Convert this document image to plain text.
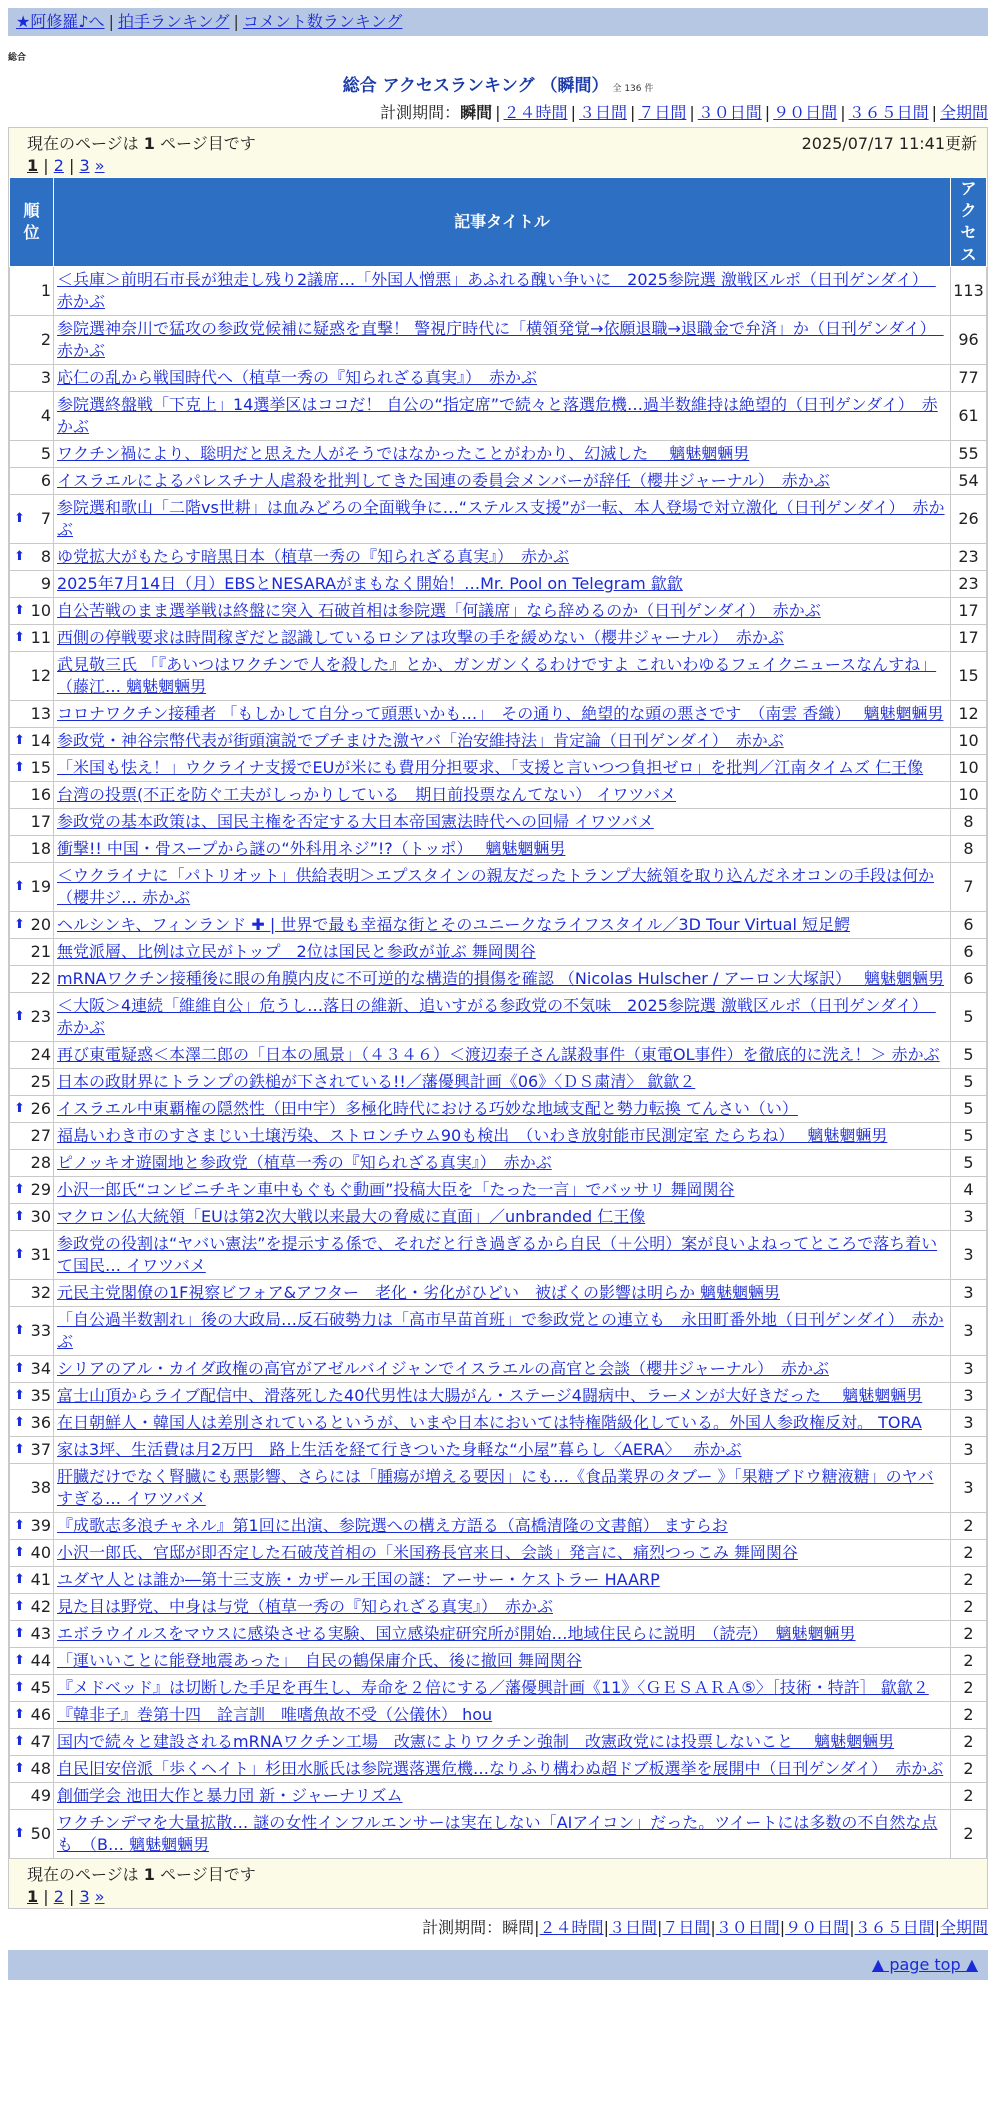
★阿修羅♪へ | 拍手ランキング | コメント数ランキング
総合
総合 アクセスランキング （瞬間） 全 136 件
計測期間：瞬間 | ２４時間 | ３日間 | ７日間 | ３０日間 | ９０日間 | ３６５日間 | 全期間
現在のページは 1 ページ目です	2025/07/17 11:41更新
1 | 2 | 3 »
順位	記事タイトル	アクセス
1	＜兵庫＞前明石市長が独走し残り2議席…「外国人憎悪」あふれる醜い争いに　2025参院選 激戦区ルポ（日刊ゲンダイ）　赤かぶ	113
2	参院選神奈川で猛攻の参政党候補に疑惑を直撃！ 警視庁時代に「横領発覚→依願退職→退職金で弁済」か（日刊ゲンダイ）　赤かぶ	96
3	応仁の乱から戦国時代へ（植草一秀の『知られざる真実』）　赤かぶ	77
4	参院選終盤戦「下克上」14選挙区はココだ！ 自公の“指定席”で続々と落選危機…過半数維持は絶望的（日刊ゲンダイ）　赤かぶ	61
5	ワクチン禍により、聡明だと思えた人がそうではなかったことがわかり、幻滅した　 魑魅魍魎男	55
6	イスラエルによるパレスチナ人虐殺を批判してきた国連の委員会メンバーが辞任（櫻井ジャーナル）　赤かぶ	54

⬆ 7	参院選和歌山「二階vs世耕」は血みどろの全面戦争に…“ステルス支援”が一転、本人登場で対立激化（日刊ゲンダイ）　赤かぶ	26

⬆ 8	ゆ党拡大がもたらす暗黒日本（植草一秀の『知られざる真実』）　赤かぶ	23
9	2025年7月14日（月）EBSとNESARAがまもなく開始！…Mr. Pool on Telegram 歙歙	23

⬆ 10	自公苦戦のまま選挙戦は終盤に突入 石破首相は参院選「何議席」なら辞めるのか（日刊ゲンダイ）　赤かぶ	17

⬆ 11	西側の停戦要求は時間稼ぎだと認識しているロシアは攻撃の手を緩めない（櫻井ジャーナル）　赤かぶ	17
12	武見敬三氏 「『あいつはワクチンで人を殺した』とか、ガンガンくるわけですよ これいわゆるフェイクニュースなんすね」 （藤江… 魑魅魍魎男	15
13	コロナワクチン接種者 「もしかして自分って頭悪いかも…」　その通り、絶望的な頭の悪さです　（南雲 香織）　 魑魅魍魎男	12

⬆ 14	参政党・神谷宗幣代表が街頭演説でブチまけた激ヤバ「治安維持法」肯定論（日刊ゲンダイ）　赤かぶ	10

⬆ 15	「米国も怯え！」ウクライナ支援でEUが米にも費用分担要求、「支援と言いつつ負担ゼロ」を批判／江南タイムズ 仁王像	10
16	台湾の投票(不正を防ぐ工夫がしっかりしている　期日前投票なんてない） イワツバメ	10
17	参政党の基本政策は、国民主権を否定する大日本帝国憲法時代への回帰 イワツバメ	8
18	衝撃!! 中国・骨スープから謎の“外科用ネジ”!?（トッポ）　 魑魅魍魎男	8

⬆ 19	＜ウクライナに「パトリオット」供給表明＞エプスタインの親友だったトランプ大統領を取り込んだネオコンの手段は何か（櫻井ジ… 赤かぶ	7

⬆ 20	ヘルシンキ、フィンランド ✚ | 世界で最も幸福な街とそのユニークなライフスタイル／3D Tour Virtual 短足鰐	6
21	無党派層、比例は立民がトップ　2位は国民と参政が並ぶ 舞岡関谷	6
22	mRNAワクチン接種後に眼の角膜内皮に不可逆的な構造的損傷を確認 （Nicolas Hulscher / アーロン大塚訳）　 魑魅魍魎男	6

⬆ 23	＜大阪＞4連続「維維自公」危うし…落日の維新、追いすがる参政党の不気味　2025参院選 激戦区ルポ（日刊ゲンダイ）　赤かぶ	5
24	再び東電疑惑＜本澤二郎の「日本の風景」（４３４６）＜渡辺泰子さん謀殺事件（東電OL事件）を徹底的に洗え！＞ 赤かぶ	5
25	日本の政財界にトランプの鉄槌が下されている!!／藩優興計画《06》〈ＤＳ粛清〉 歙歙２	5

⬆ 26	イスラエル中東覇権の隠然性（田中宇）多極化時代における巧妙な地域支配と勢力転換 てんさい（い）	5
27	福島いわき市のすさまじい土壌汚染、ストロンチウム90も検出　（いわき放射能市民測定室 たらちね）　 魑魅魍魎男	5
28	ピノッキオ遊園地と参政党（植草一秀の『知られざる真実』）　赤かぶ	5

⬆ 29	小沢一郎氏“コンビニチキン車中もぐもぐ動画”投稿大臣を「たった一言」でバッサリ 舞岡関谷	4

⬆ 30	マクロン仏大統領「EUは第2次大戦以来最大の脅威に直面」／unbranded 仁王像	3

⬆ 31	参政党の役割は“ヤバい憲法”を提示する係で、それだと行き過ぎるから自民（＋公明）案が良いよねってところで落ち着いて国民… イワツバメ	3
32	元民主党閣僚の1F視察ビフォア&アフター　老化・劣化がひどい　被ばくの影響は明らか 魑魅魍魎男	3

⬆ 33	「自公過半数割れ」後の大政局…反石破勢力は「高市早苗首班」で参政党との連立も　永田町番外地（日刊ゲンダイ）　赤かぶ	3

⬆ 34	シリアのアル・カイダ政権の高官がアゼルバイジャンでイスラエルの高官と会談（櫻井ジャーナル）　赤かぶ	3

⬆ 35	富士山頂からライブ配信中、滑落死した40代男性は大腸がん・ステージ4闘病中、ラーメンが大好きだった　 魑魅魍魎男	3

⬆ 36	在日朝鮮人・韓国人は差別されているというが、いまや日本においては特権階級化している。外国人参政権反対。 TORA	3

⬆ 37	家は3坪、生活費は月2万円　路上生活を経て行きついた身軽な“小屋”暮らし〈AERA〉　 赤かぶ	3
38	肝臓だけでなく腎臓にも悪影響、さらには「腫瘍が増える要因」にも…《食品業界のタブー 》「果糖ブドウ糖液糖」のヤバすぎる… イワツバメ	3

⬆ 39	『成歌志多浪チャネル』第1回に出演、参院選への構え方語る（高橋清隆の文書館） ますらお	2

⬆ 40	小沢一郎氏、官邸が即否定した石破茂首相の「米国務長官来日、会談」発言に、痛烈つっこみ 舞岡関谷	2

⬆ 41	ユダヤ人とは誰か―第十三支族・カザール王国の謎：アーサー・ケストラー HAARP	2

⬆ 42	見た目は野党、中身は与党（植草一秀の『知られざる真実』）　赤かぶ	2

⬆ 43	エボラウイルスをマウスに感染させる実験、国立感染症研究所が開始…地域住民らに説明　（読売）　魑魅魍魎男	2

⬆ 44	「運いいことに能登地震あった」　自民の鶴保庸介氏、後に撤回 舞岡関谷	2

⬆ 45	『メドベッド』は切断した手足を再生し、寿命を２倍にする／藩優興計画《11》〈ＧＥＳＡＲＡ⑤〉［技術・特許］ 歙歙２	2

⬆ 46	『韓非子』巻第十四　詮言訓　唯嗜魚故不受（公儀休） hou	2

⬆ 47	国内で続々と建設されるmRNAワクチン工場　改憲によりワクチン強制　改憲政党には投票しないこと　 魑魅魍魎男	2

⬆ 48	自民旧安倍派「歩くヘイト」杉田水脈氏は参院選落選危機…なりふり構わぬ超ドブ板選挙を展開中（日刊ゲンダイ）　赤かぶ	2
49	創価学会 池田大作と暴力団 新・ジャーナリズム	2

⬆ 50	ワクチンデマを大量拡散… 謎の女性インフルエンサーは実在しない「AIアイコン」だった。ツイートには多数の不自然な点も　（B… 魑魅魍魎男	2
現在のページは 1 ページ目です
1 | 2 | 3 »
計測期間：瞬間|２４時間|３日間|７日間|３０日間|９０日間|３６５日間|全期間
▲ page top ▲
